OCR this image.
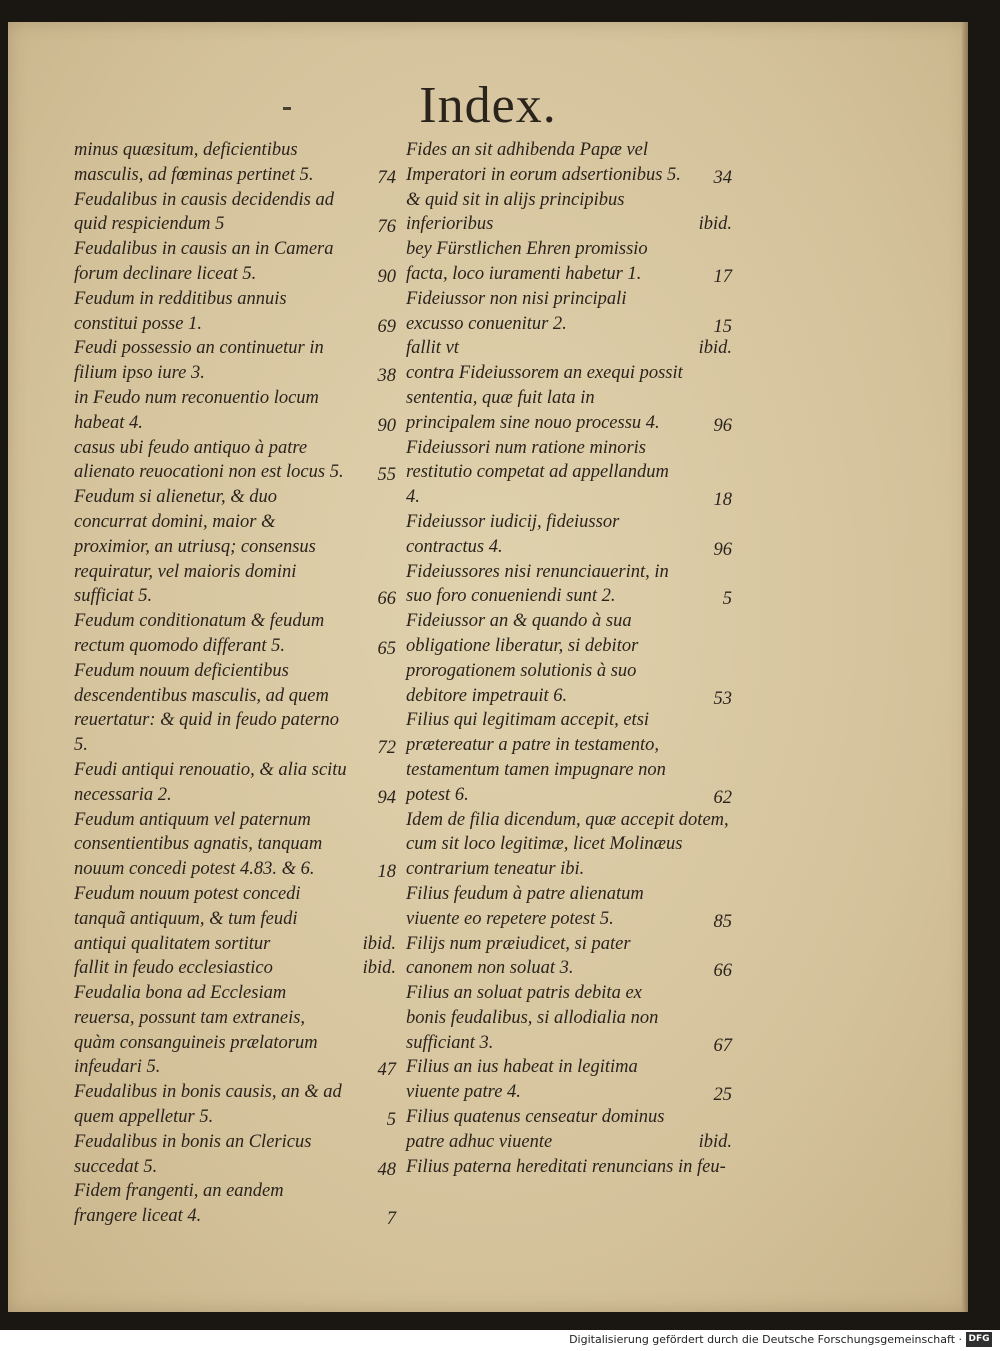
Index.
minus quæsitum, deficientibus masculis, ad fœminas pertinet 5.	74
Feudalibus in causis decidendis ad quid respiciendum 5	76
Feudalibus in causis an in Camera forum declinare liceat 5.	90
Feudum in redditibus annuis constitui posse 1.	69
Feudi possessio an continuetur in filium ipso iure 3.	38
in Feudo num reconuentio locum habeat 4.	90
casus ubi feudo antiquo à patre alienato reuocationi non est locus 5.	55
Feudum si alienetur, & duo concurrat domini, maior & proximior, an utriusq; consensus requiratur, vel maioris domini sufficiat 5.	66
Feudum conditionatum & feudum rectum quomodo differant 5.	65
Feudum nouum deficientibus descendentibus masculis, ad quem reuertatur: & quid in feudo paterno 5.	72
Feudi antiqui renouatio, & alia scitu necessaria 2.	94
Feudum antiquum vel paternum consentientibus agnatis, tanquam nouum concedi potest 4.83. & 6.	18
Feudum nouum potest concedi tanquã antiquum, & tum feudi antiqui qualitatem sortitur	ibid.
fallit in feudo ecclesiastico	ibid.
Feudalia bona ad Ecclesiam reuersa, possunt tam extraneis, quàm consanguineis prælatorum infeudari 5.	47
Feudalibus in bonis causis, an & ad quem appelletur 5.	5
Feudalibus in bonis an Clericus succedat 5.	48
Fidem frangenti, an eandem frangere liceat 4.	7
Fides an sit adhibenda Papæ vel Imperatori in eorum adsertionibus 5.	34
& quid sit in alijs principibus inferioribus	ibid.
bey Fürstlichen Ehren promissio facta, loco iuramenti habetur 1.	17
Fideiussor non nisi principali excusso conuenitur 2.	15
fallit vt	ibid.
contra Fideiussorem an exequi possit sententia, quæ fuit lata in principalem sine nouo processu 4.	96
Fideiussori num ratione minoris restitutio competat ad appellandum 4.	18
Fideiussor iudicij, fideiussor contractus 4.	96
Fideiussores nisi renunciauerint, in suo foro conueniendi sunt 2.	5
Fideiussor an & quando à sua obligatione liberatur, si debitor prorogationem solutionis à suo debitore impetrauit 6.	53
Filius qui legitimam accepit, etsi prætereatur a patre in testamento, testamentum tamen impugnare non potest 6.	62
Idem de filia dicendum, quæ accepit dotem, cum sit loco legitimæ, licet Molinæus contrarium teneatur ibi.
Filius feudum à patre alienatum viuente eo repetere potest 5.	85
Filijs num præiudicet, si pater canonem non soluat 3.	66
Filius an soluat patris debita ex bonis feudalibus, si allodialia non sufficiant 3.	67
Filius an ius habeat in legitima viuente patre 4.	25
Filius quatenus censeatur dominus patre adhuc viuente	ibid.
Filius paterna hereditati renuncians in feu-
Digitalisierung gefördert durch die Deutsche Forschungsgemeinschaft · DFG
